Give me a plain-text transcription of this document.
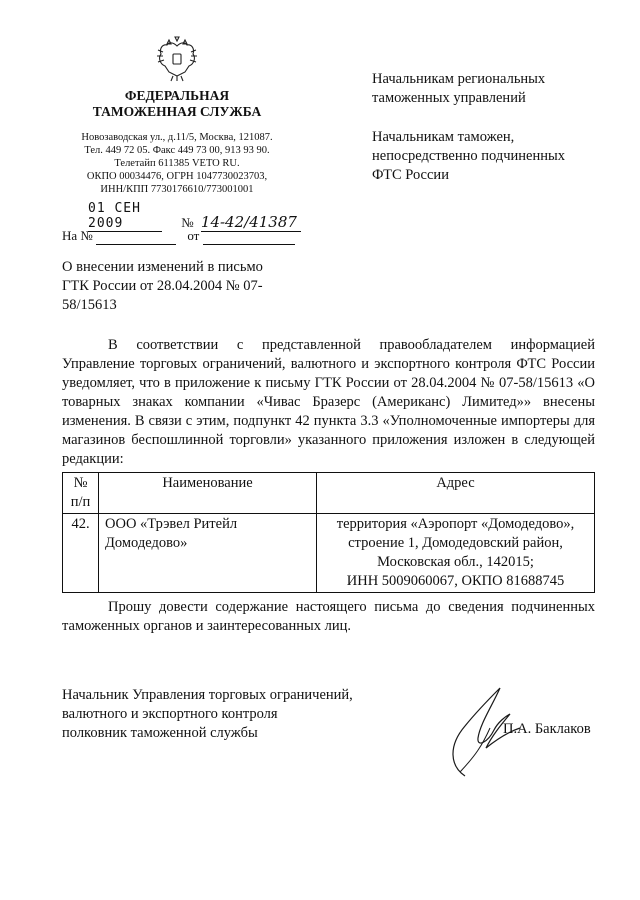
ФЕДЕРАЛЬНАЯ
ТАМОЖЕННАЯ СЛУЖБА
Новозаводская ул., д.11/5, Москва, 121087.
Тел. 449 72 05. Факс 449 73 00, 913 93 90.
Телетайп 611385 VETO RU.
ОКПО 00034476, ОГРН 1047730023703,
ИНН/КПП 7730176610/773001001
01 СЕН 2009	№ 14-42/41387
На №	от
Начальникам региональных
таможенных управлений
Начальникам таможен,
непосредственно подчиненных
ФТС России
О внесении изменений в письмо
ГТК России от 28.04.2004 № 07-
58/15613
В соответствии с представленной правообладателем информацией Управление торговых ограничений, валютного и экспортного контроля ФТС России уведомляет, что в приложение к письму ГТК России от 28.04.2004 № 07-58/15613 «О товарных знаках компании «Чивас Бразерс (Американс) Лимитед»» внесены изменения. В связи с этим, подпункт 42 пункта 3.3 «Уполномоченные импортеры для магазинов беспошлинной торговли» указанного приложения изложен в следующей редакции:
№ п/п	Наименование	Адрес
42.	ООО «Трэвел Ритейл Домодедово»	территория «Аэропорт «Домодедово»,
строение 1, Домодедовский район,
Московская обл., 142015;
ИНН 5009060067, ОКПО 81688745
Прошу довести содержание настоящего письма до сведения подчиненных таможенных органов и заинтересованных лиц.
Начальник Управления торговых ограничений,
валютного и экспортного контроля
полковник таможенной службы	П.А. Баклаков
